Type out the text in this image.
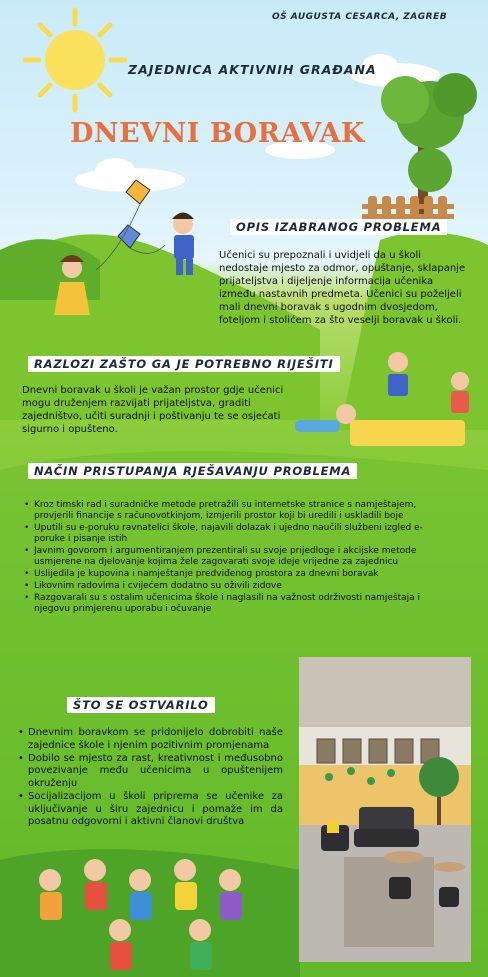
OŠ AUGUSTA CESARCA, ZAGREB
ZAJEDNICA AKTIVNIH GRAĐANA
DNEVNI BORAVAK
OPIS IZABRANOG PROBLEMA
Učenici su prepoznali i uvidjeli da u školi nedostaje mjesto za odmor, opuštanje, sklapanje prijateljstva i dijeljenje informacija učenika između nastavnih predmeta. Učenici su poželjeli mali dnevni boravak s ugodnim dvosjedom, foteljom i stolićem za što veselji boravak u školi.
RAZLOZI ZAŠTO GA JE POTREBNO RIJEŠITI
Dnevni boravak u školi je važan prostor gdje učenici mogu druženjem razvijati prijateljstva, graditi zajedništvo, učiti suradnji i poštivanju te se osjećati sigurno i opušteno.
NAČIN PRISTUPANJA RJEŠAVANJU PROBLEMA
• Kroz timski rad i suradničke metode pretražili su internetske stranice s namještajem, provjerili financije s računovotkinjom, izmjerili prostor koji bi uredili i uskladili boje
• Uputili su e-poruku ravnatelici škole, najavili dolazak i ujedno naučili službeni izgled e-poruke i pisanje istih
• Javnim govorom i argumentiranjem prezentirali su svoje prijedloge i akcijske metode usmjerene na djelovanje kojima žele zagovarati svoje ideje vrijedne za zajednicu
• Uslijedila je kupovina i namještanje predviđenog prostora za dnevni boravak
• Likovnim radovima i cvijećem dodatno su oživili zidove
• Razgovarali su s ostalim učenicima škole i naglasili na važnost održivosti namještaja i njegovu primjerenu uporabu i očuvanje
ŠTO SE OSTVARILO
• Dnevnim boravkom se pridonijelo dobrobiti naše zajednice škole i njenim pozitivnim promjenama
• Dobilo se mjesto za rast, kreativnost i međusobno povezivanje među učenicima u opuštenijem okruženju
• Socijalizacijom u školi priprema se učenike za uključivanje u širu zajednicu i pomaže im da posatnu odgovorni i aktivni članovi društva
